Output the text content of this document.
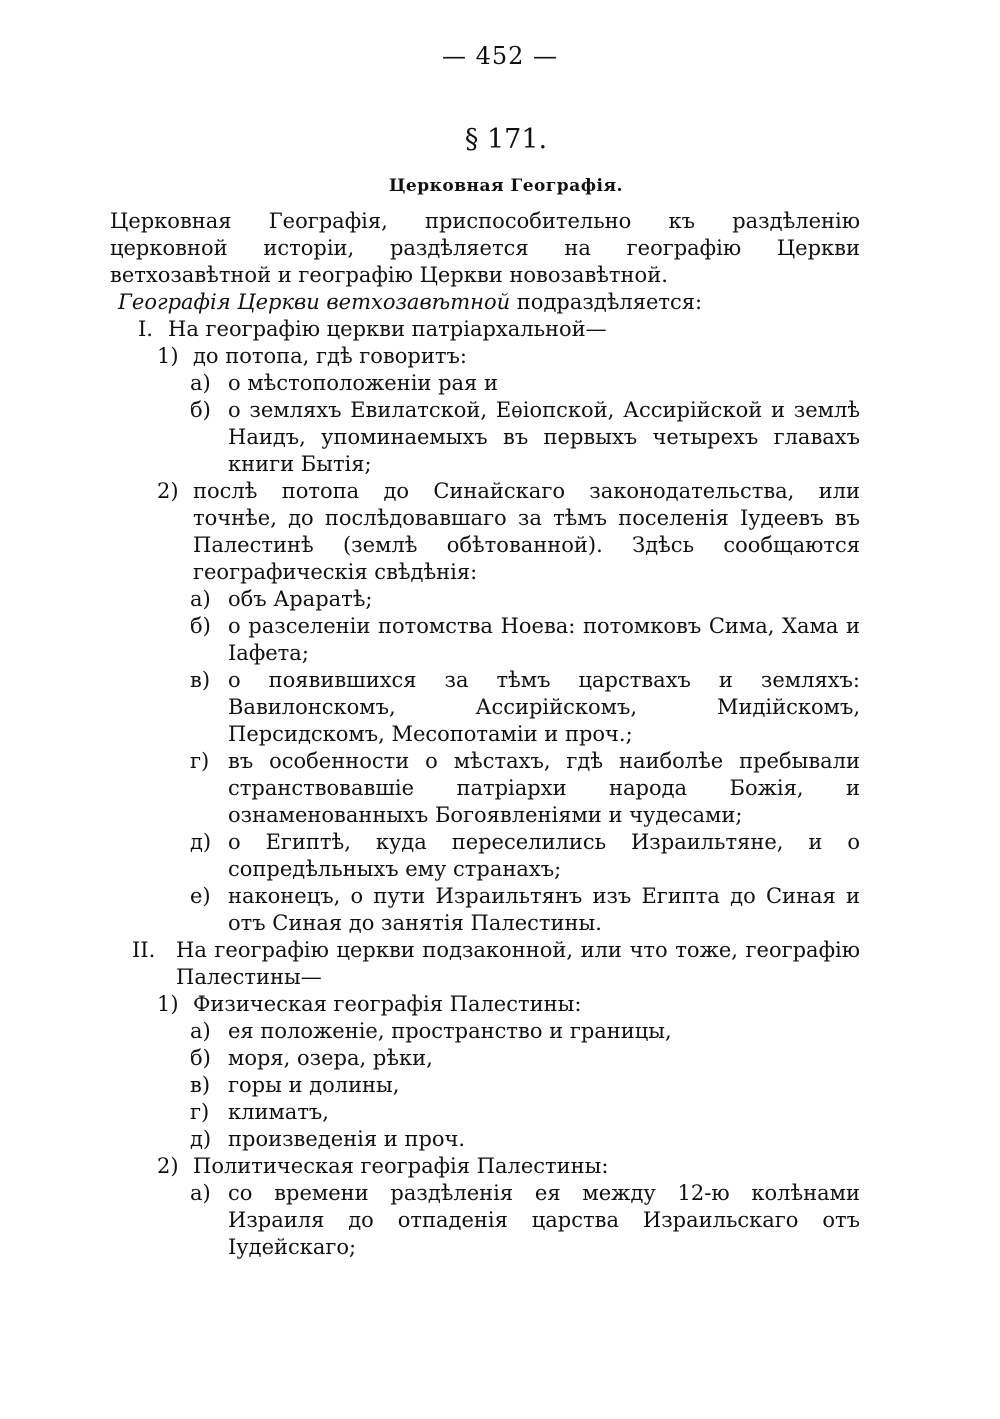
— 452 —
§ 171.
Церковная Географія.
Церковная Географія, приспособительно къ раздѣленію церковной исторіи, раздѣляется на географію Церкви ветхозавѣтной и географію Церкви новозавѣтной.
Географія Церкви ветхозавѣтной подраздѣляется:
I. На географію церкви патріархальной—
1) до потопа, гдѣ говоритъ:
а) о мѣстоположеніи рая и
б) о земляхъ Евилатской, Еѳіопской, Ассирійской и землѣ Наидъ, упоминаемыхъ въ первыхъ четырехъ главахъ книги Бытія;
2) послѣ потопа до Синайскаго законодательства, или точнѣе, до послѣдовавшаго за тѣмъ поселенія Іудеевъ въ Палестинѣ (землѣ обѣтованной). Здѣсь сообщаются географическія свѣдѣнія:
а) объ Араратѣ;
б) о разселеніи потомства Ноева: потомковъ Сима, Хама и Іафета;
в) о появившихся за тѣмъ царствахъ и земляхъ: Вавилонскомъ, Ассирійскомъ, Мидійскомъ, Персидскомъ, Месопотаміи и проч.;
г) въ особенности о мѣстахъ, гдѣ наиболѣе пребывали странствовавшіе патріархи народа Божія, и ознаменованныхъ Богоявленіями и чудесами;
д) о Египтѣ, куда переселились Израильтяне, и о сопредѣльныхъ ему странахъ;
е) наконецъ, о пути Израильтянъ изъ Египта до Синая и отъ Синая до занятія Палестины.
II. На географію церкви подзаконной, или что тоже, географію Палестины—
1) Физическая географія Палестины:
а) ея положеніе, пространство и границы,
б) моря, озера, рѣки,
в) горы и долины,
г) климатъ,
д) произведенія и проч.
2) Политическая географія Палестины:
а) со времени раздѣленія ея между 12-ю колѣнами Израиля до отпаденія царства Израильскаго отъ Іудейскаго;
